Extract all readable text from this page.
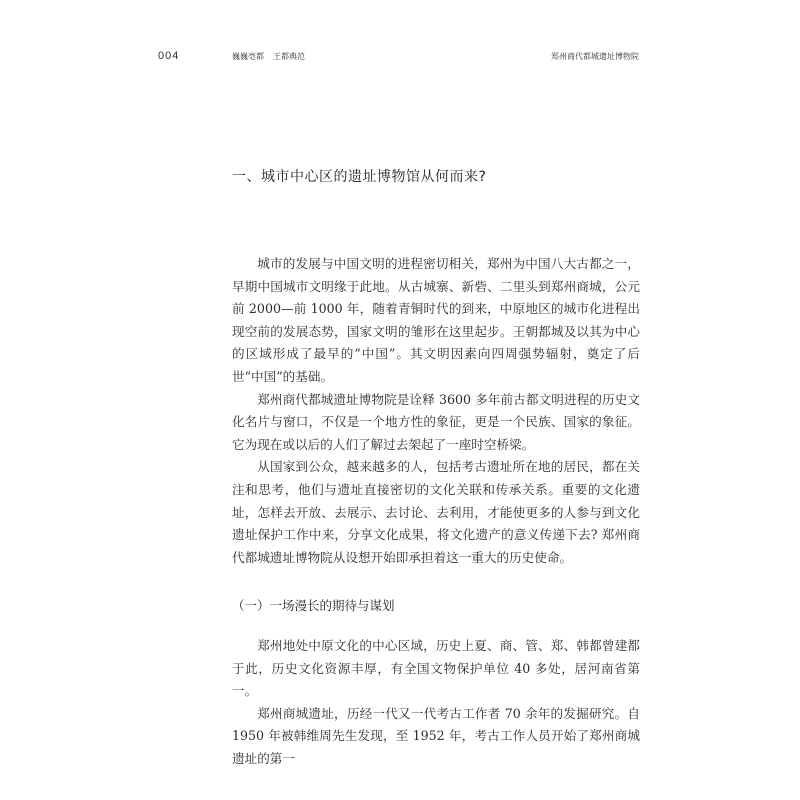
004	巍巍亳都 王都典范	郑州商代都城遗址博物院
一、城市中心区的遗址博物馆从何而来?

城市的发展与中国文明的进程密切相关，郑州为中国八大古都之一，早期中国城市文明缘于此地。从古城寨、新砦、二里头到郑州商城，公元前 2000—前 1000 年，随着青铜时代的到来，中原地区的城市化进程出现空前的发展态势，国家文明的雏形在这里起步。王朝都城及以其为中心的区域形成了最早的“中国”。其文明因素向四周强势辐射，奠定了后世“中国”的基础。

郑州商代都城遗址博物院是诠释 3600 多年前古都文明进程的历史文化名片与窗口，不仅是一个地方性的象征，更是一个民族、国家的象征。它为现在或以后的人们了解过去架起了一座时空桥梁。

从国家到公众，越来越多的人，包括考古遗址所在地的居民，都在关注和思考，他们与遗址直接密切的文化关联和传承关系。重要的文化遗址，怎样去开放、去展示、去讨论、去利用，才能使更多的人参与到文化遗址保护工作中来，分享文化成果，将文化遗产的意义传递下去? 郑州商代都城遗址博物院从设想开始即承担着这一重大的历史使命。

（一）一场漫长的期待与谋划

郑州地处中原文化的中心区域，历史上夏、商、管、郑、韩都曾建都于此，历史文化资源丰厚，有全国文物保护单位 40 多处，居河南省第一。

郑州商城遗址，历经一代又一代考古工作者 70 余年的发掘研究。自 1950 年被韩维周先生发现，至 1952 年，考古工作人员开始了郑州商城遗址的第一
